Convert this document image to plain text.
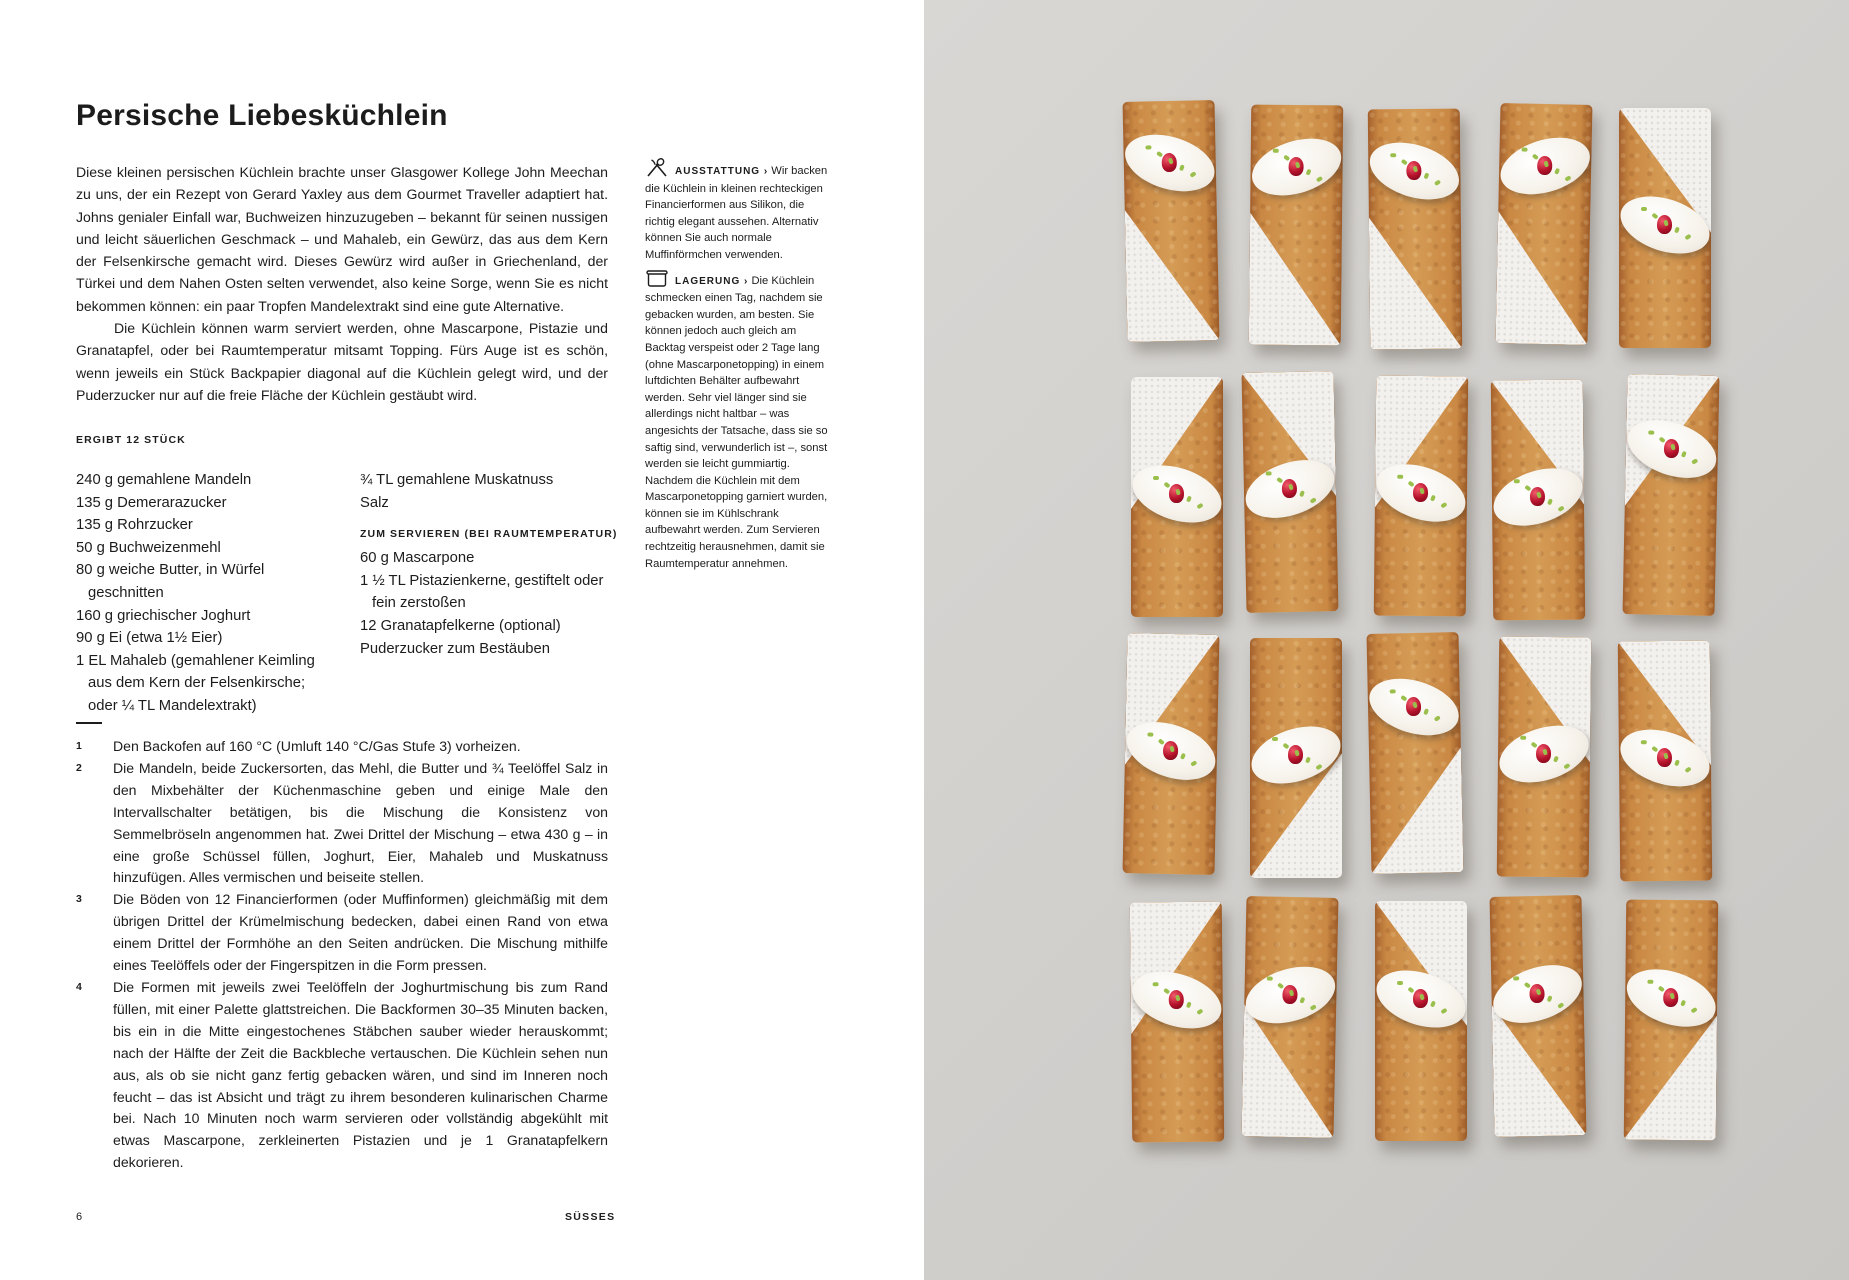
Persische Liebesküchlein

Diese kleinen persischen Küchlein brachte unser Glasgower Kollege John Meechan zu uns, der ein Rezept von Gerard Yaxley aus dem Gourmet Traveller adaptiert hat. Johns genialer Einfall war, Buchweizen hinzuzugeben – bekannt für seinen nussigen und leicht säuerlichen Geschmack – und Mahaleb, ein Gewürz, das aus dem Kern der Felsenkirsche gemacht wird. Dieses Gewürz wird außer in Griechenland, der Türkei und dem Nahen Osten selten verwendet, also keine Sorge, wenn Sie es nicht bekommen können: ein paar Tropfen Mandelextrakt sind eine gute Alternative.

Die Küchlein können warm serviert werden, ohne Mascarpone, Pistazie und Granatapfel, oder bei Raumtemperatur mitsamt Topping. Fürs Auge ist es schön, wenn jeweils ein Stück Backpapier diagonal auf die Küchlein gelegt wird, und der Puderzucker nur auf die freie Fläche der Küchlein gestäubt wird.

ERGIBT 12 STÜCK

240 g gemahlene Mandeln

135 g Demerarazucker

135 g Rohrzucker

50 g Buchweizenmehl

80 g weiche Butter, in Würfel geschnitten

160 g griechischer Joghurt

90 g Ei (etwa 1½ Eier)

1 EL Mahaleb (gemahlener Keimling aus dem Kern der Felsenkirsche; oder ¼ TL Mandelextrakt)

¾ TL gemahlene Muskatnuss

Salz

ZUM SERVIEREN (BEI RAUMTEMPERATUR)

60 g Mascarpone

1 ½ TL Pistazienkerne, gestiftelt oder fein zerstoßen

12 Granatapfelkerne (optional)

Puderzucker zum Bestäuben

1 Den Backofen auf 160 °C (Umluft 140 °C/Gas Stufe 3) vorheizen.

2 Die Mandeln, beide Zuckersorten, das Mehl, die Butter und ¾ Teelöffel Salz in den Mixbehälter der Küchenmaschine geben und einige Male den Intervallschalter betätigen, bis die Mischung die Konsistenz von Semmelbröseln angenommen hat. Zwei Drittel der Mischung – etwa 430 g – in eine große Schüssel füllen, Joghurt, Eier, Mahaleb und Muskatnuss hinzufügen. Alles vermischen und beiseite stellen.

3 Die Böden von 12 Financierformen (oder Muffinformen) gleichmäßig mit dem übrigen Drittel der Krümelmischung bedecken, dabei einen Rand von etwa einem Drittel der Formhöhe an den Seiten andrücken. Die Mischung mithilfe eines Teelöffels oder der Fingerspitzen in die Form pressen.

4 Die Formen mit jeweils zwei Teelöffeln der Joghurtmischung bis zum Rand füllen, mit einer Palette glattstreichen. Die Backformen 30–35 Minuten backen, bis ein in die Mitte eingestochenes Stäbchen sauber wieder herauskommt; nach der Hälfte der Zeit die Backbleche vertauschen. Die Küchlein sehen nun aus, als ob sie nicht ganz fertig gebacken wären, und sind im Inneren noch feucht – das ist Absicht und trägt zu ihrem besonderen kulinarischen Charme bei. Nach 10 Minuten noch warm servieren oder vollständig abgekühlt mit etwas Mascarpone, zerkleinerten Pistazien und je 1 Granatapfelkern dekorieren.

AUSSTATTUNG › Wir backen die Küchlein in kleinen rechteckigen Financierformen aus Silikon, die richtig elegant aussehen. Alternativ können Sie auch normale Muffinförmchen verwenden.

LAGERUNG › Die Küchlein schmecken einen Tag, nachdem sie gebacken wurden, am besten. Sie können jedoch auch gleich am Backtag verspeist oder 2 Tage lang (ohne Mascarponetopping) in einem luftdichten Behälter aufbewahrt werden. Sehr viel länger sind sie allerdings nicht haltbar – was angesichts der Tatsache, dass sie so saftig sind, verwunderlich ist –, sonst werden sie leicht gummiartig. Nachdem die Küchlein mit dem Mascarponetopping garniert wurden, können sie im Kühlschrank aufbewahrt werden. Zum Servieren rechtzeitig herausnehmen, damit sie Raumtemperatur annehmen.

6	SÜSSES
